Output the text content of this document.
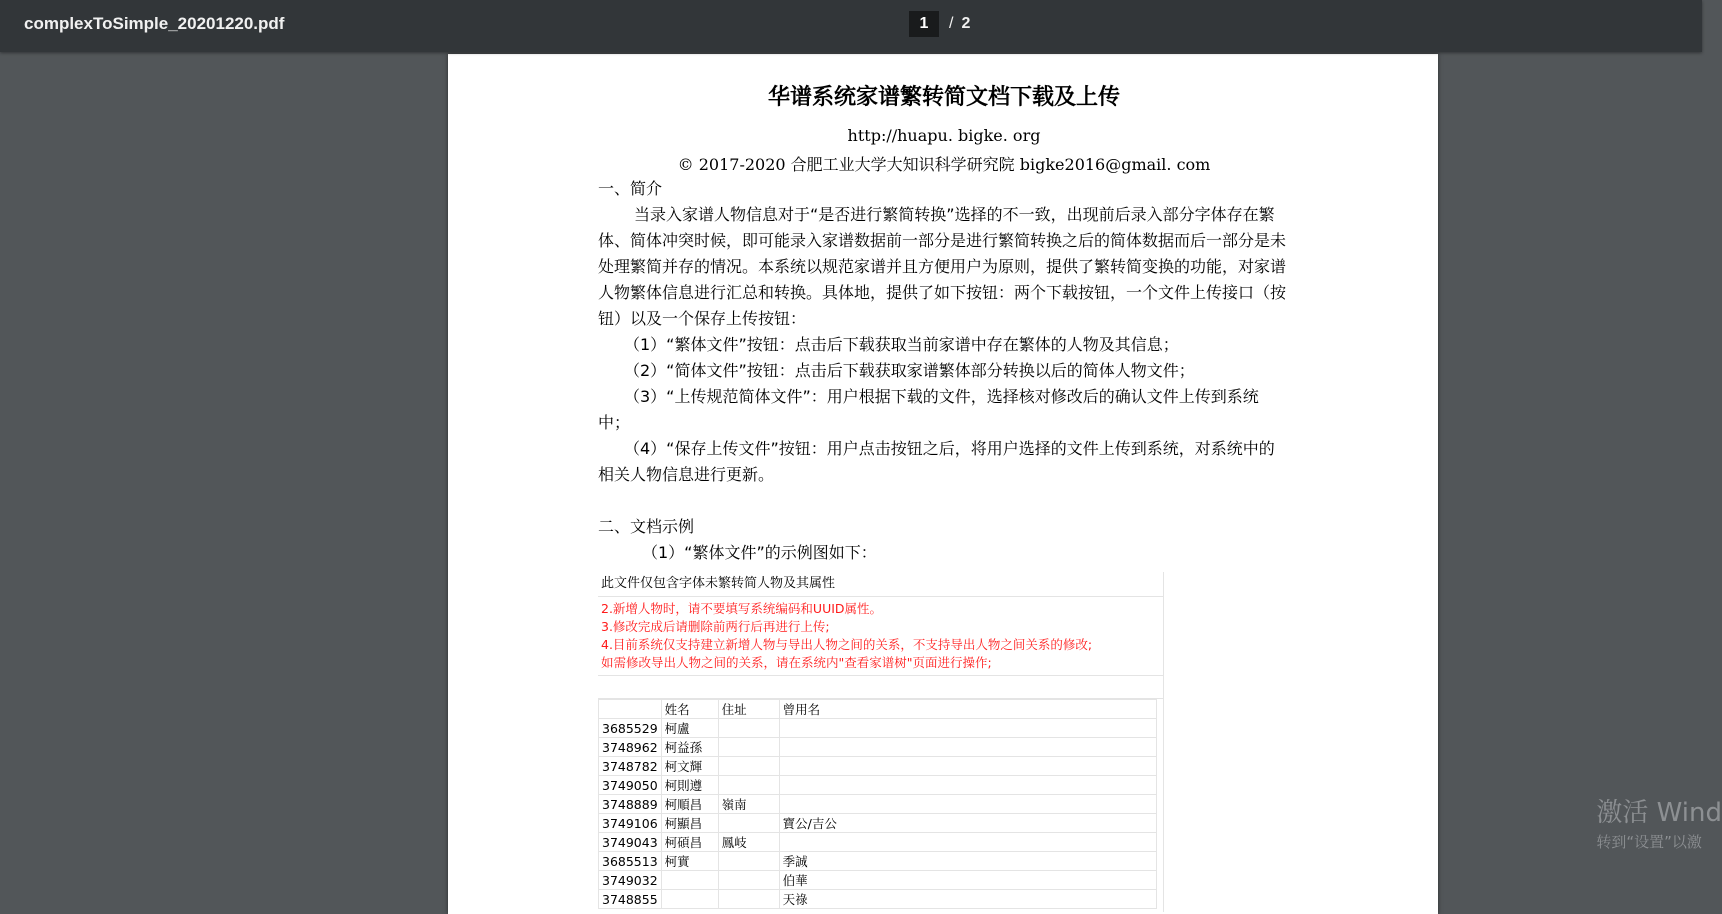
complexToSimple_20201220.pdf
1	/ 2
华谱系统家谱繁转简文档下载及上传
http://huapu. bigke. org
© 2017-2020 合肥工业大学大知识科学研究院 bigke2016@gmail. com

一、简介

当录入家谱人物信息对于“是否进行繁简转换”选择的不一致，出现前后录入部分字体存在繁体、简体冲突时候，即可能录入家谱数据前一部分是进行繁简转换之后的简体数据而后一部分是未处理繁简并存的情况。本系统以规范家谱并且方便用户为原则，提供了繁转简变换的功能，对家谱人物繁体信息进行汇总和转换。具体地，提供了如下按钮：两个下载按钮，一个文件上传接口（按钮）以及一个保存上传按钮：

（1）“繁体文件”按钮：点击后下载获取当前家谱中存在繁体的人物及其信息；

（2）“简体文件”按钮：点击后下载获取家谱繁体部分转换以后的简体人物文件；

（3）“上传规范简体文件”：用户根据下载的文件，选择核对修改后的确认文件上传到系统中；

（4）“保存上传文件”按钮：用户点击按钮之后，将用户选择的文件上传到系统，对系统中的相关人物信息进行更新。

二、文档示例

（1）“繁体文件”的示例图如下：

此文件仅包含字体未繁转简人物及其属性
2.新增人物时，请不要填写系统编码和UUID属性。
3.修改完成后请删除前两行后再进行上传;
4.目前系统仅支持建立新增人物与导出人物之间的关系，不支持导出人物之间关系的修改;
如需修改导出人物之间的关系，请在系统内"查看家谱树"页面进行操作;
	姓名	住址	曾用名
3685529	柯盧		
3748962	柯益孫		
3748782	柯文輝		
3749050	柯則遵		
3748889	柯順昌	嶺南	
3749106	柯顯昌		寶公/吉公
3749043	柯碩昌	鳳岐	
3685513	柯實		季誠
3749032			伯華
3748855			天祿
激活 Wind
转到“设置”以激
